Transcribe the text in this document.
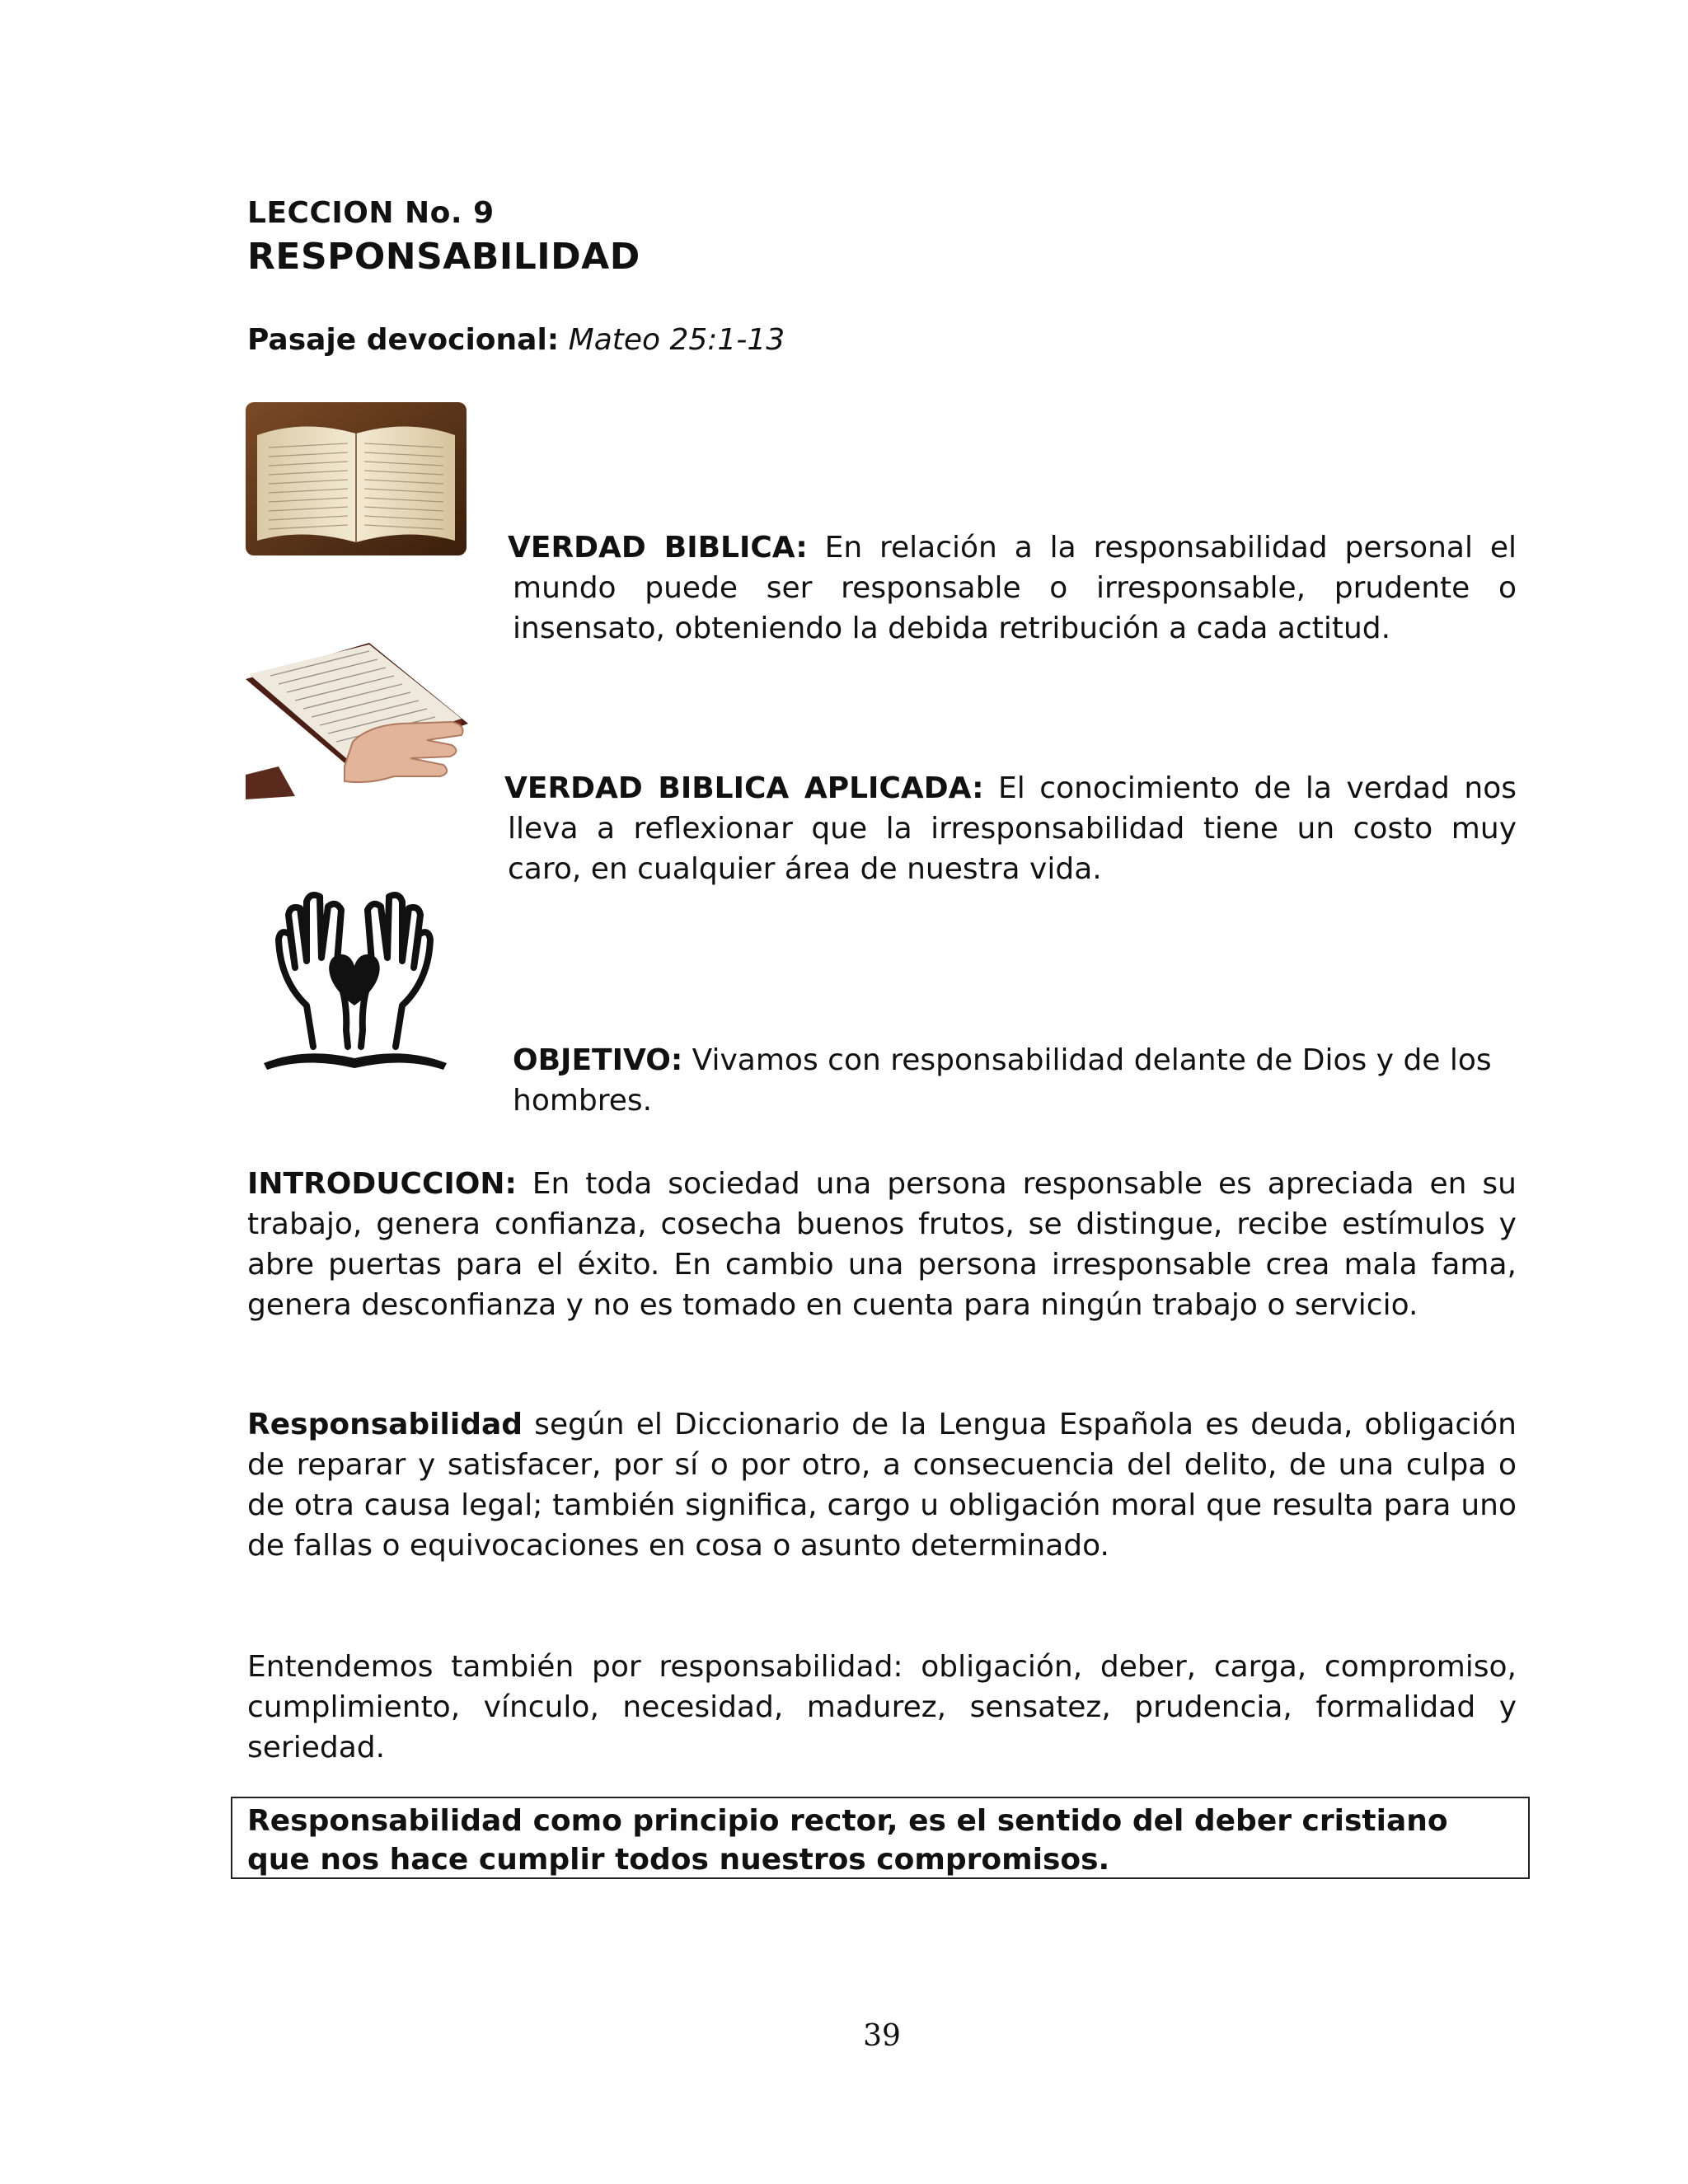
LECCION No. 9
RESPONSABILIDAD
Pasaje devocional: Mateo 25:1-13
VERDAD BIBLICA: En relación a la responsabilidad personal el mundo puede ser responsable o irresponsable, prudente o insensato, obteniendo la debida retribución a cada actitud.
VERDAD BIBLICA APLICADA: El conocimiento de la verdad nos lleva a reflexionar que la irresponsabilidad tiene un costo muy caro, en cualquier área de nuestra vida.
OBJETIVO: Vivamos con responsabilidad delante de Dios y de los hombres.
INTRODUCCION: En toda sociedad una persona responsable es apreciada en su trabajo, genera confianza, cosecha buenos frutos, se distingue, recibe estímulos y abre puertas para el éxito. En cambio una persona irresponsable crea mala fama, genera desconfianza y no es tomado en cuenta para ningún trabajo o servicio.
Responsabilidad según el Diccionario de la Lengua Española es deuda, obligación de reparar y satisfacer, por sí o por otro, a consecuencia del delito, de una culpa o de otra causa legal; también significa, cargo u obligación moral que resulta para uno de fallas o equivocaciones en cosa o asunto determinado.
Entendemos también por responsabilidad: obligación, deber, carga, compromiso, cumplimiento, vínculo, necesidad, madurez, sensatez, prudencia, formalidad y seriedad.
Responsabilidad como principio rector, es el sentido del deber cristiano que nos hace cumplir todos nuestros compromisos.
39
